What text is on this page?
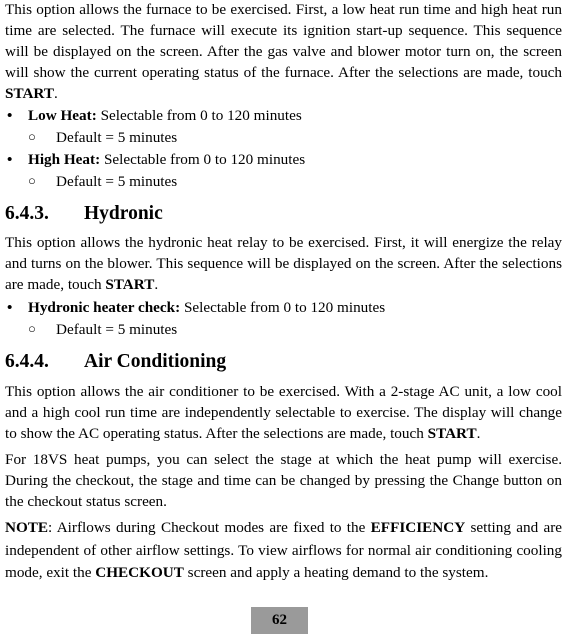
This option allows the furnace to be exercised. First, a low heat run time and high heat run time are selected. The furnace will execute its ignition start-up sequence. This sequence will be displayed on the screen. After the gas valve and blower motor turn on, the screen will show the current operating status of the furnace. After the selections are made, touch START.

• Low Heat: Selectable from 0 to 120 minutes
○ Default = 5 minutes
• High Heat: Selectable from 0 to 120 minutes
○ Default = 5 minutes
6.4.3. Hydronic

This option allows the hydronic heat relay to be exercised. First, it will energize the relay and turns on the blower. This sequence will be displayed on the screen. After the selections are made, touch START.

• Hydronic heater check: Selectable from 0 to 120 minutes
○ Default = 5 minutes
6.4.4. Air Conditioning

This option allows the air conditioner to be exercised. With a 2-stage AC unit, a low cool and a high cool run time are independently selectable to exercise. The display will change to show the AC operating status. After the selections are made, touch START.

For 18VS heat pumps, you can select the stage at which the heat pump will exercise. During the checkout, the stage and time can be changed by pressing the Change button on the checkout status screen.

NOTE: Airflows during Checkout modes are fixed to the EFFICIENCY setting and are independent of other airflow settings. To view airflows for normal air conditioning cooling mode, exit the CHECKOUT screen and apply a heating demand to the system.

62
